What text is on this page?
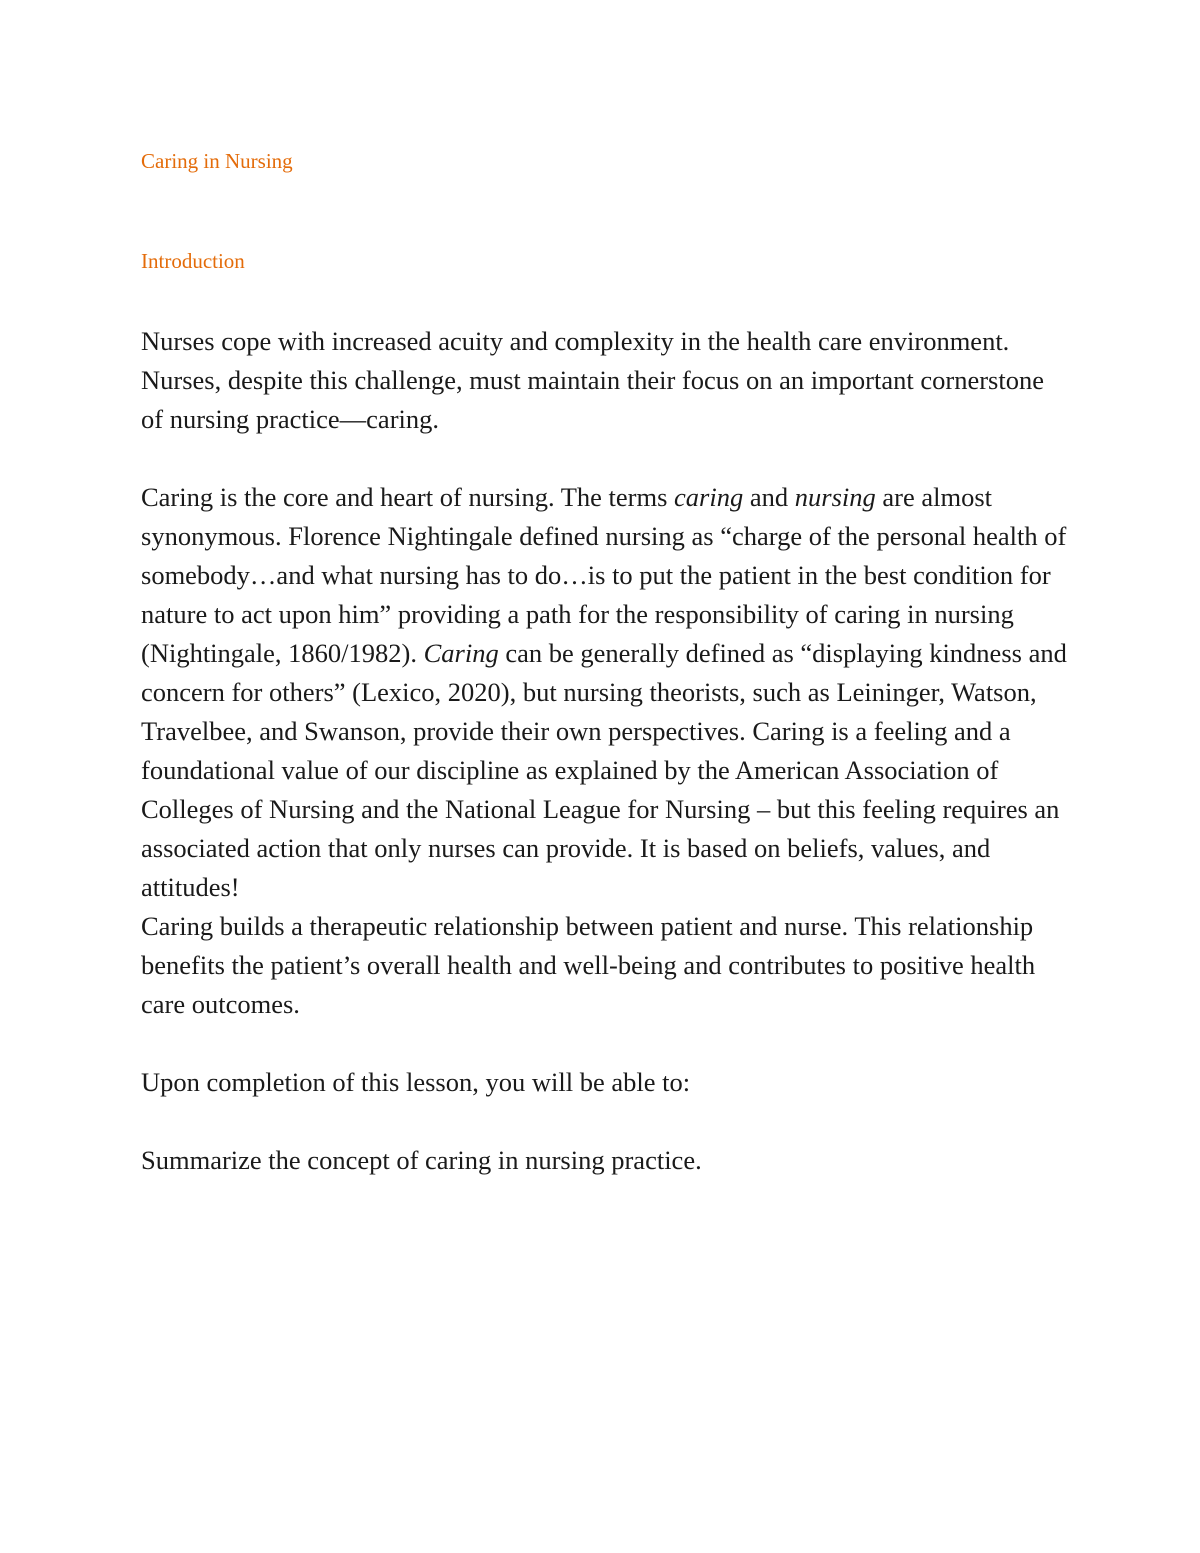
Caring in Nursing

Introduction

Nurses cope with increased acuity and complexity in the health care environment. Nurses, despite this challenge, must maintain their focus on an important cornerstone of nursing practice—caring.

Caring is the core and heart of nursing. The terms caring and nursing are almost synonymous. Florence Nightingale defined nursing as “charge of the personal health of somebody…and what nursing has to do…is to put the patient in the best condition for nature to act upon him” providing a path for the responsibility of caring in nursing (Nightingale, 1860/1982). Caring can be generally defined as “displaying kindness and concern for others” (Lexico, 2020), but nursing theorists, such as Leininger, Watson, Travelbee, and Swanson, provide their own perspectives. Caring is a feeling and a foundational value of our discipline as explained by the American Association of Colleges of Nursing and the National League for Nursing – but this feeling requires an associated action that only nurses can provide. It is based on beliefs, values, and attitudes!

Caring builds a therapeutic relationship between patient and nurse. This relationship benefits the patient’s overall health and well-being and contributes to positive health care outcomes.

Upon completion of this lesson, you will be able to:

Summarize the concept of caring in nursing practice.
